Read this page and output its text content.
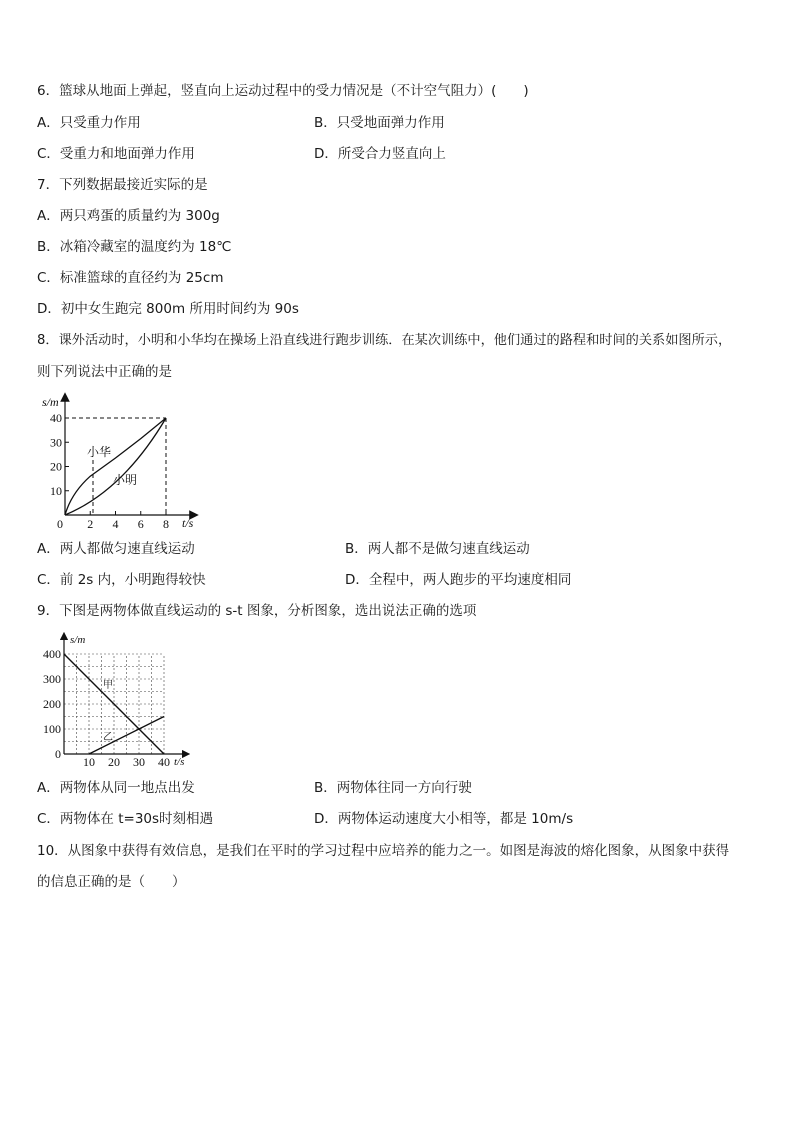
6．篮球从地面上弹起，竖直向上运动过程中的受力情况是（不计空气阻力）(　　)
A．只受重力作用	B．只受地面弹力作用
C．受重力和地面弹力作用	D．所受合力竖直向上
7．下列数据最接近实际的是
A．两只鸡蛋的质量约为 300g
B．冰箱冷藏室的温度约为 18℃
C．标准篮球的直径约为 25cm
D．初中女生跑完 800m 所用时间约为 90s
8．课外活动时，小明和小华均在操场上沿直线进行跑步训练．在某次训练中，他们通过的路程和时间的关系如图所示，
则下列说法中正确的是
s/m
t/s
小华
小明
0 2 4 6 8
10
20
30
40
A．两人都做匀速直线运动	B．两人都不是做匀速直线运动
C．前 2s 内，小明跑得较快	D．全程中，两人跑步的平均速度相同
9．下图是两物体做直线运动的 s-t 图象，分析图象，选出说法正确的选项
s/m
t/s
甲
乙
10 20 30 40
0
100
200
300
400
A．两物体从同一地点出发	B．两物体往同一方向行驶
C．两物体在 t=30s时刻相遇	D．两物体运动速度大小相等，都是 10m/s
10．从图象中获得有效信息，是我们在平时的学习过程中应培养的能力之一。如图是海波的熔化图象，从图象中获得
的信息正确的是（　　）
